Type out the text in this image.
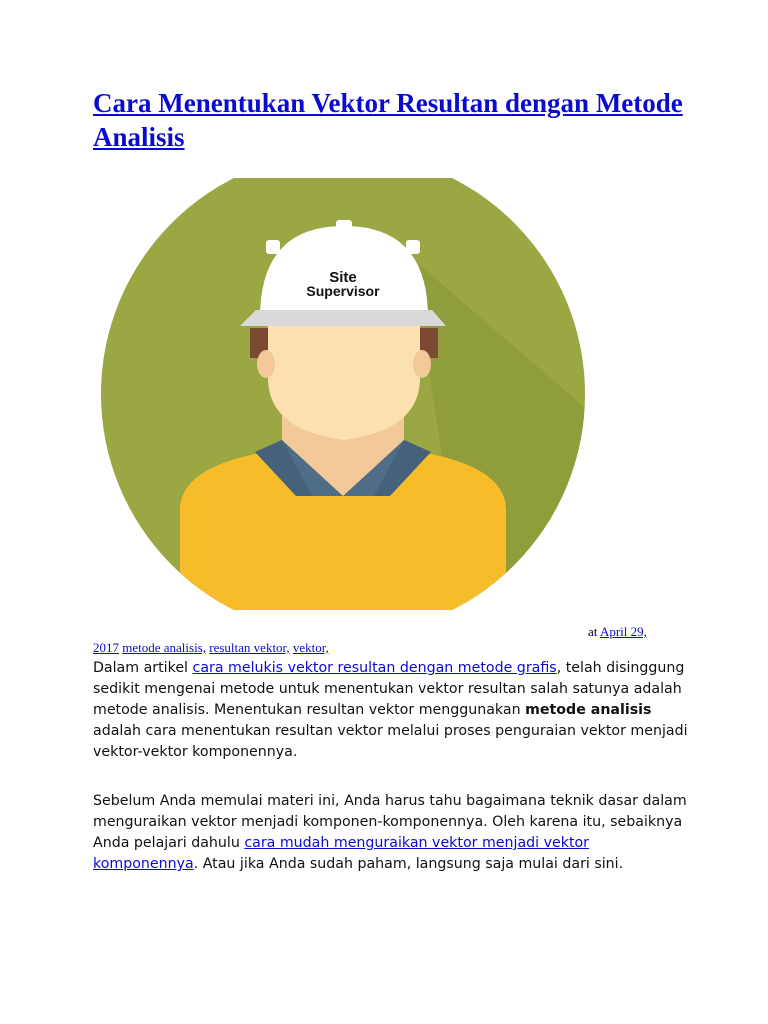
Cara Menentukan Vektor Resultan dengan Metode Analisis
Site
Supervisor
at April 29,
2017 metode analisis, resultan vektor, vektor,

Dalam artikel cara melukis vektor resultan dengan metode grafis, telah disinggung sedikit mengenai metode untuk menentukan vektor resultan salah satunya adalah metode analisis. Menentukan resultan vektor menggunakan metode analisis adalah cara menentukan resultan vektor melalui proses penguraian vektor menjadi vektor-vektor komponennya.

Sebelum Anda memulai materi ini, Anda harus tahu bagaimana teknik dasar dalam menguraikan vektor menjadi komponen-komponennya. Oleh karena itu, sebaiknya Anda pelajari dahulu cara mudah menguraikan vektor menjadi vektor komponennya. Atau jika Anda sudah paham, langsung saja mulai dari sini.
